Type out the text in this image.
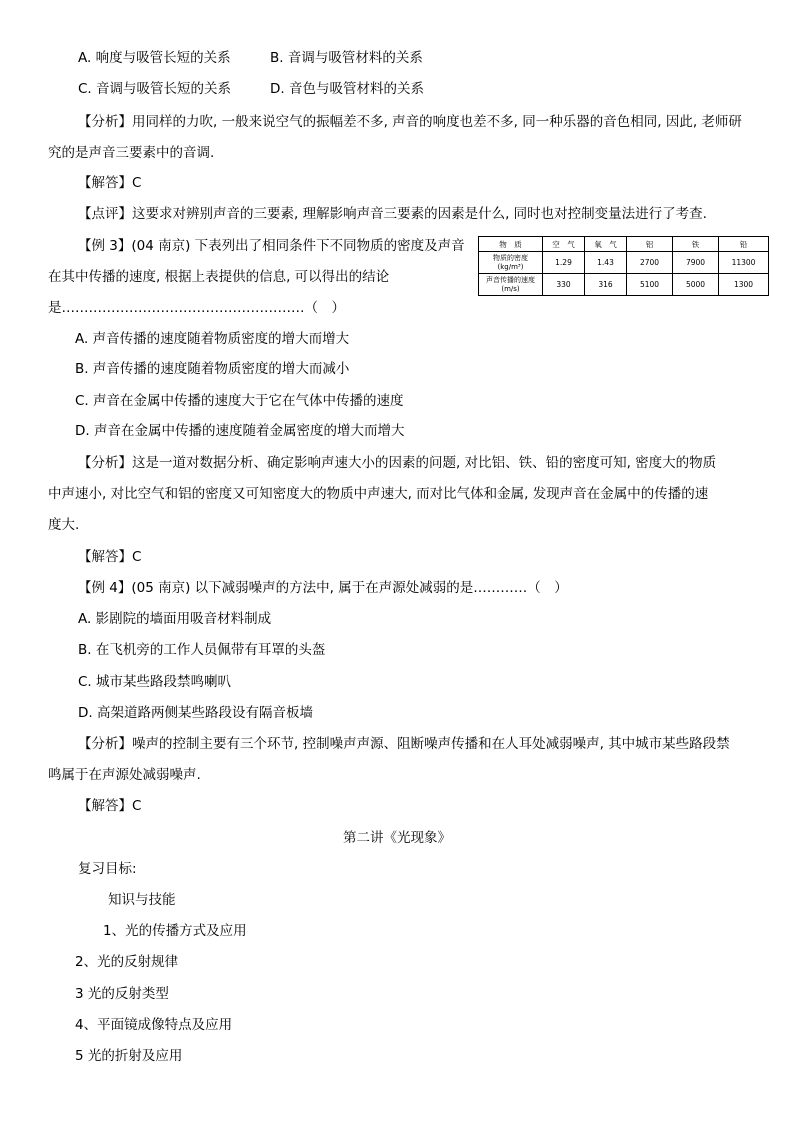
A. 响度与吸管长短的关系	B. 音调与吸管材料的关系
C. 音调与吸管长短的关系	D. 音色与吸管材料的关系
【分析】用同样的力吹, 一般来说空气的振幅差不多, 声音的响度也差不多, 同一种乐器的音色相同, 因此, 老师研
究的是声音三要素中的音调.
【解答】C
【点评】这要求对辨别声音的三要素, 理解影响声音三要素的因素是什么, 同时也对控制变量法进行了考查.
【例 3】(04 南京) 下表列出了相同条件下不同物质的密度及声音
在其中传播的速度, 根据上表提供的信息, 可以得出的结论
是………………………………………………（　）
物　质	空　气	氧　气	铝	铁	铅
物质的密度 (kg/m³)	1.29	1.43	2700	7900	11300
声音传播的速度 (m/s)	330	316	5100	5000	1300
A. 声音传播的速度随着物质密度的增大而增大
B. 声音传播的速度随着物质密度的增大而减小
C. 声音在金属中传播的速度大于它在气体中传播的速度
D. 声音在金属中传播的速度随着金属密度的增大而增大
【分析】这是一道对数据分析、确定影响声速大小的因素的问题, 对比铝、铁、铅的密度可知, 密度大的物质
中声速小, 对比空气和铝的密度又可知密度大的物质中声速大, 而对比气体和金属, 发现声音在金属中的传播的速
度大.
【解答】C
【例 4】(05 南京) 以下减弱噪声的方法中, 属于在声源处减弱的是…………（　）
A. 影剧院的墙面用吸音材料制成
B. 在飞机旁的工作人员佩带有耳罩的头盔
C. 城市某些路段禁鸣喇叭
D. 高架道路两侧某些路段设有隔音板墙
【分析】噪声的控制主要有三个环节, 控制噪声声源、阻断噪声传播和在人耳处减弱噪声, 其中城市某些路段禁
鸣属于在声源处减弱噪声.
【解答】C
第二讲《光现象》
复习目标:
知识与技能
1、光的传播方式及应用
2、光的反射规律
3 光的反射类型
4、平面镜成像特点及应用
5 光的折射及应用
